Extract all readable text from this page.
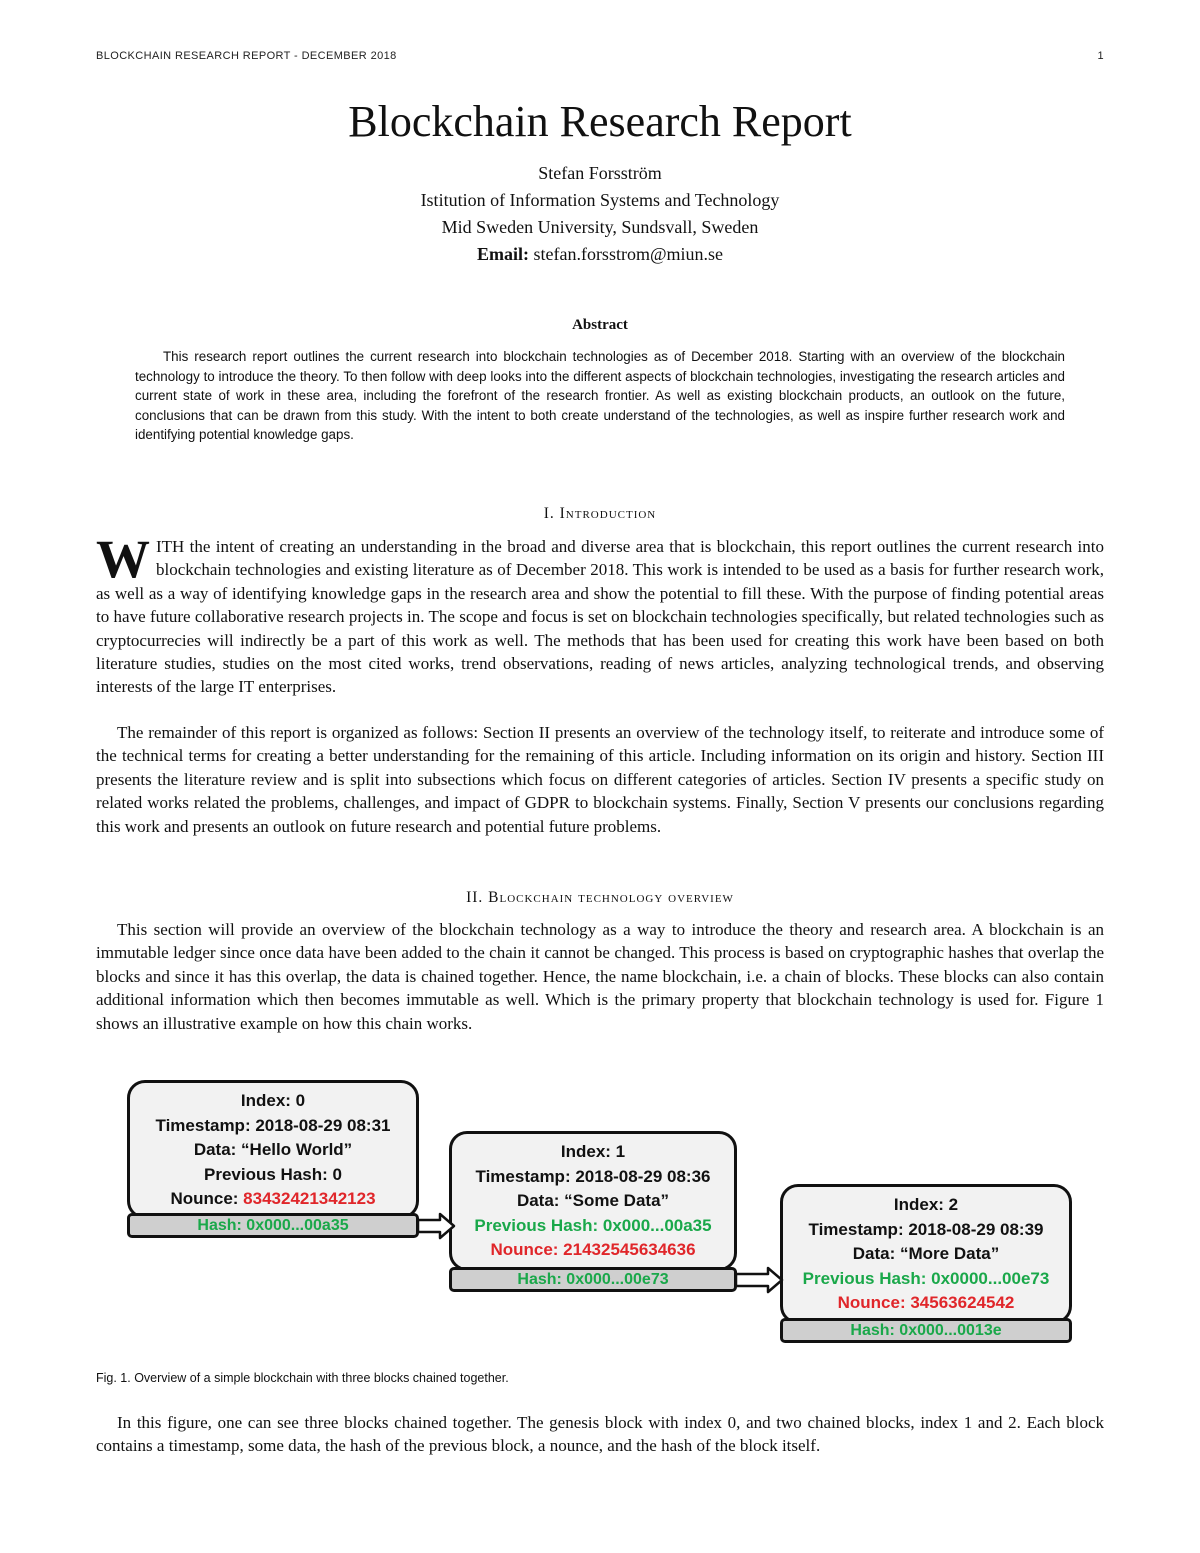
BLOCKCHAIN RESEARCH REPORT - DECEMBER 2018	1
Blockchain Research Report
Stefan Forsström
Istitution of Information Systems and Technology
Mid Sweden University, Sundsvall, Sweden
Email: stefan.forsstrom@miun.se
Abstract
This research report outlines the current research into blockchain technologies as of December 2018. Starting with an overview of the blockchain technology to introduce the theory. To then follow with deep looks into the different aspects of blockchain technologies, investigating the research articles and current state of work in these area, including the forefront of the research frontier. As well as existing blockchain products, an outlook on the future, conclusions that can be drawn from this study. With the intent to both create understand of the technologies, as well as inspire further research work and identifying potential knowledge gaps.
I. Introduction

WITH the intent of creating an understanding in the broad and diverse area that is blockchain, this report outlines the current research into blockchain technologies and existing literature as of December 2018. This work is intended to be used as a basis for further research work, as well as a way of identifying knowledge gaps in the research area and show the potential to fill these. With the purpose of finding potential areas to have future collaborative research projects in. The scope and focus is set on blockchain technologies specifically, but related technologies such as cryptocurrecies will indirectly be a part of this work as well. The methods that has been used for creating this work have been based on both literature studies, studies on the most cited works, trend observations, reading of news articles, analyzing technological trends, and observing interests of the large IT enterprises.

The remainder of this report is organized as follows: Section II presents an overview of the technology itself, to reiterate and introduce some of the technical terms for creating a better understanding for the remaining of this article. Including information on its origin and history. Section III presents the literature review and is split into subsections which focus on different categories of articles. Section IV presents a specific study on related works related the problems, challenges, and impact of GDPR to blockchain systems. Finally, Section V presents our conclusions regarding this work and presents an outlook on future research and potential future problems.

II. Blockchain technology overview

This section will provide an overview of the blockchain technology as a way to introduce the theory and research area. A blockchain is an immutable ledger since once data have been added to the chain it cannot be changed. This process is based on cryptographic hashes that overlap the blocks and since it has this overlap, the data is chained together. Hence, the name blockchain, i.e. a chain of blocks. These blocks can also contain additional information which then becomes immutable as well. Which is the primary property that blockchain technology is used for. Figure 1 shows an illustrative example on how this chain works.

Index: 0
Timestamp: 2018-08-29 08:31
Data: “Hello World”
Previous Hash: 0
Nounce: 83432421342123
Hash: 0x000...00a35
Index: 1
Timestamp: 2018-08-29 08:36
Data: “Some Data”
Previous Hash: 0x000...00a35
Nounce: 21432545634636
Hash: 0x000...00e73
Index: 2
Timestamp: 2018-08-29 08:39
Data: “More Data”
Previous Hash: 0x0000...00e73
Nounce: 34563624542
Hash: 0x000...0013e
Fig. 1. Overview of a simple blockchain with three blocks chained together.

In this figure, one can see three blocks chained together. The genesis block with index 0, and two chained blocks, index 1 and 2. Each block contains a timestamp, some data, the hash of the previous block, a nounce, and the hash of the block itself.
